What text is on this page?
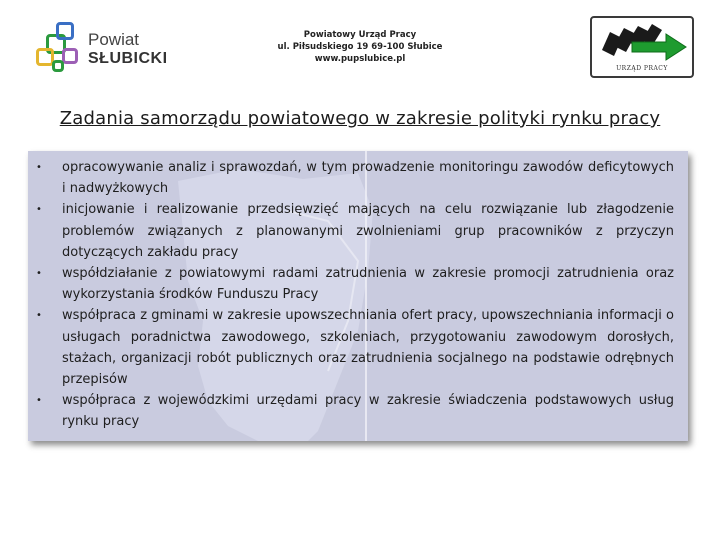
Powiat
SŁUBICKI
Powiatowy Urząd Pracy
ul. Piłsudskiego 19 69-100 Słubice
www.pupslubice.pl
URZĄD PRACY
Zadania samorządu powiatowego w zakresie polityki rynku pracy
•	opracowywanie analiz i sprawozdań, w tym prowadzenie monitoringu zawodów deficytowych i nadwyżkowych
•	inicjowanie i realizowanie przedsięwzięć mających na celu rozwiązanie lub złagodzenie problemów związanych z planowanymi zwolnieniami grup pracowników z przyczyn dotyczących zakładu pracy
•	współdziałanie z powiatowymi radami zatrudnienia w zakresie promocji zatrudnienia oraz wykorzystania środków Funduszu Pracy
•	współpraca z gminami w zakresie upowszechniania ofert pracy, upowszechniania informacji o usługach poradnictwa zawodowego, szkoleniach, przygotowaniu zawodowym dorosłych, stażach, organizacji robót publicznych oraz zatrudnienia socjalnego na podstawie odrębnych przepisów
•	współpraca z wojewódzkimi urzędami pracy w zakresie świadczenia podstawowych usług rynku pracy
